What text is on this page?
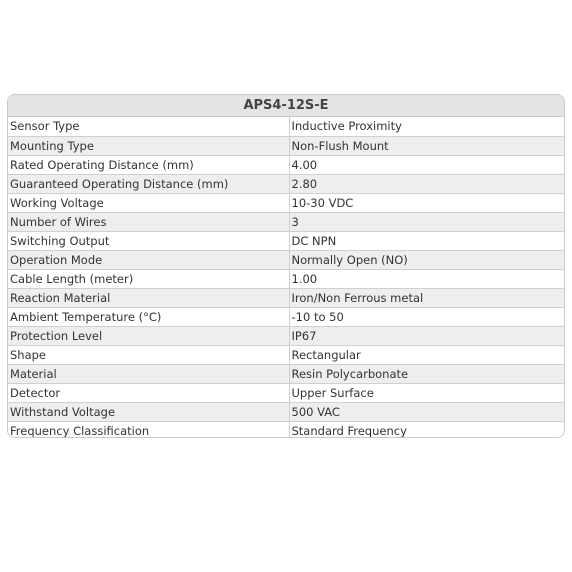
APS4-12S-E
Sensor Type	Inductive Proximity
Mounting Type	Non-Flush Mount
Rated Operating Distance (mm)	4.00
Guaranteed Operating Distance (mm)	2.80
Working Voltage	10-30 VDC
Number of Wires	3
Switching Output	DC NPN
Operation Mode	Normally Open (NO)
Cable Length (meter)	1.00
Reaction Material	Iron/Non Ferrous metal
Ambient Temperature (°C)	-10 to 50
Protection Level	IP67
Shape	Rectangular
Material	Resin Polycarbonate
Detector	Upper Surface
Withstand Voltage	500 VAC
Frequency Classification	Standard Frequency
